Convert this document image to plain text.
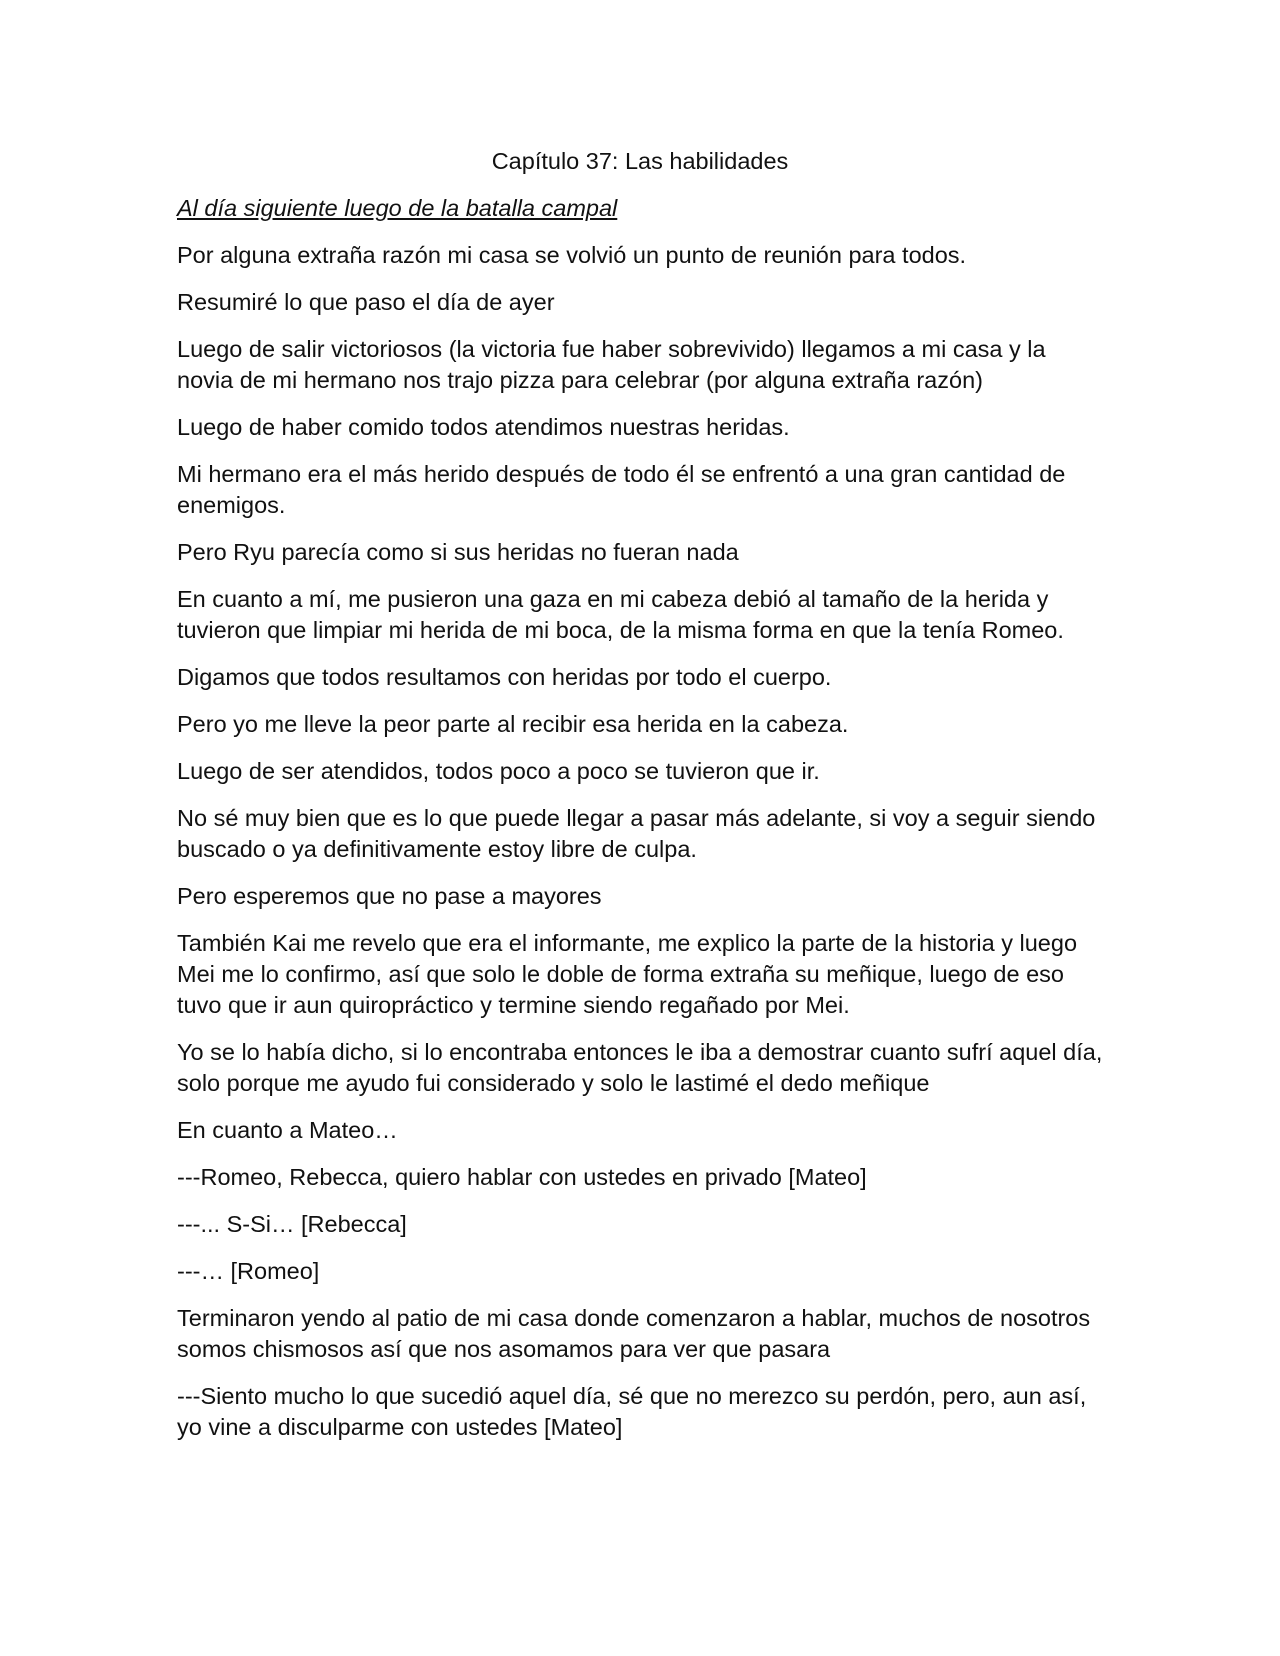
Capítulo 37: Las habilidades

Al día siguiente luego de la batalla campal

Por alguna extraña razón mi casa se volvió un punto de reunión para todos.

Resumiré lo que paso el día de ayer

Luego de salir victoriosos (la victoria fue haber sobrevivido) llegamos a mi casa y la novia de mi hermano nos trajo pizza para celebrar (por alguna extraña razón)

Luego de haber comido todos atendimos nuestras heridas.

Mi hermano era el más herido después de todo él se enfrentó a una gran cantidad de enemigos.

Pero Ryu parecía como si sus heridas no fueran nada

En cuanto a mí, me pusieron una gaza en mi cabeza debió al tamaño de la herida y tuvieron que limpiar mi herida de mi boca, de la misma forma en que la tenía Romeo.

Digamos que todos resultamos con heridas por todo el cuerpo.

Pero yo me lleve la peor parte al recibir esa herida en la cabeza.

Luego de ser atendidos, todos poco a poco se tuvieron que ir.

No sé muy bien que es lo que puede llegar a pasar más adelante, si voy a seguir siendo buscado o ya definitivamente estoy libre de culpa.

Pero esperemos que no pase a mayores

También Kai me revelo que era el informante, me explico la parte de la historia y luego Mei me lo confirmo, así que solo le doble de forma extraña su meñique, luego de eso tuvo que ir aun quiropráctico y termine siendo regañado por Mei.

Yo se lo había dicho, si lo encontraba entonces le iba a demostrar cuanto sufrí aquel día, solo porque me ayudo fui considerado y solo le lastimé el dedo meñique

En cuanto a Mateo…

---Romeo, Rebecca, quiero hablar con ustedes en privado [Mateo]

---... S-Si… [Rebecca]

---… [Romeo]

Terminaron yendo al patio de mi casa donde comenzaron a hablar, muchos de nosotros somos chismosos así que nos asomamos para ver que pasara

---Siento mucho lo que sucedió aquel día, sé que no merezco su perdón, pero, aun así, yo vine a disculparme con ustedes [Mateo]
